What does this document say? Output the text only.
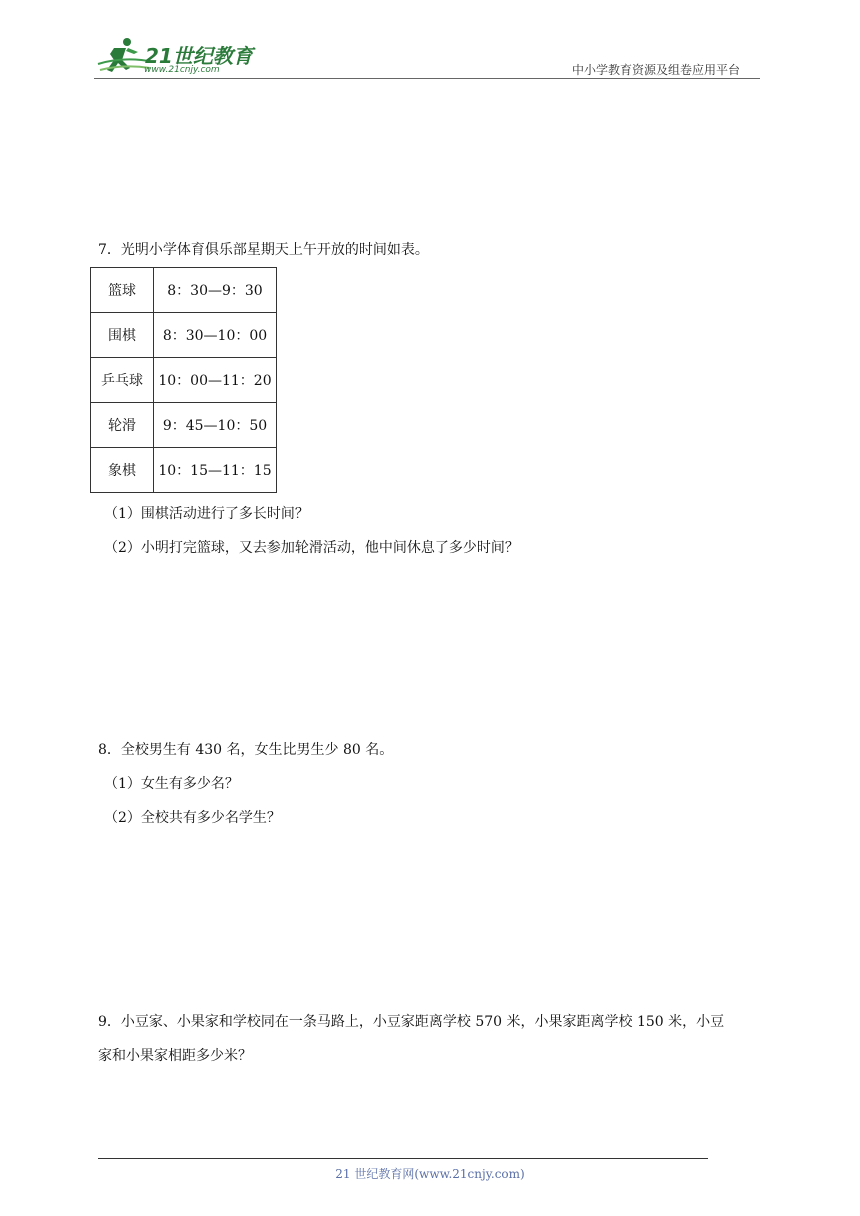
21世纪教育
www.21cnjy.com	中小学教育资源及组卷应用平台
7．光明小学体育俱乐部星期天上午开放的时间如表。
篮球	8：30—9：30
围棋	8：30—10：00
乒乓球	10：00—11：20
轮滑	9：45—10：50
象棋	10：15—11：15
（1）围棋活动进行了多长时间？
（2）小明打完篮球，又去参加轮滑活动，他中间休息了多少时间？
8．全校男生有 430 名，女生比男生少 80 名。
（1）女生有多少名？
（2）全校共有多少名学生？
9．小豆家、小果家和学校同在一条马路上，小豆家距离学校 570 米，小果家距离学校 150 米，小豆
家和小果家相距多少米？
21 世纪教育网(www.21cnjy.com)
